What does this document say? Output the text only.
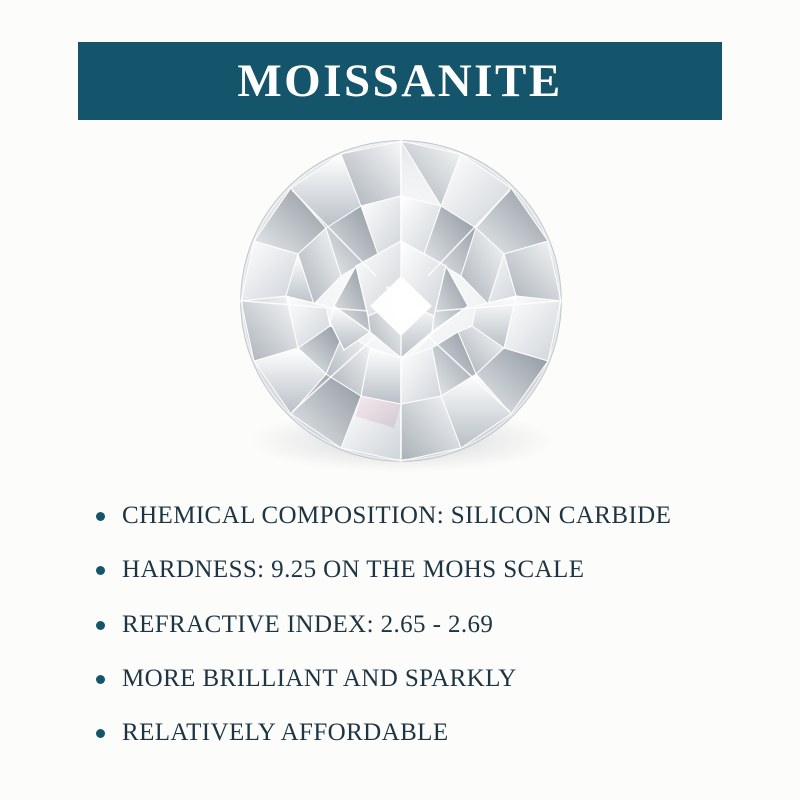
MOISSANITE
CHEMICAL COMPOSITION: SILICON CARBIDE
HARDNESS: 9.25 ON THE MOHS SCALE
REFRACTIVE INDEX: 2.65 - 2.69
MORE BRILLIANT AND SPARKLY
RELATIVELY AFFORDABLE
